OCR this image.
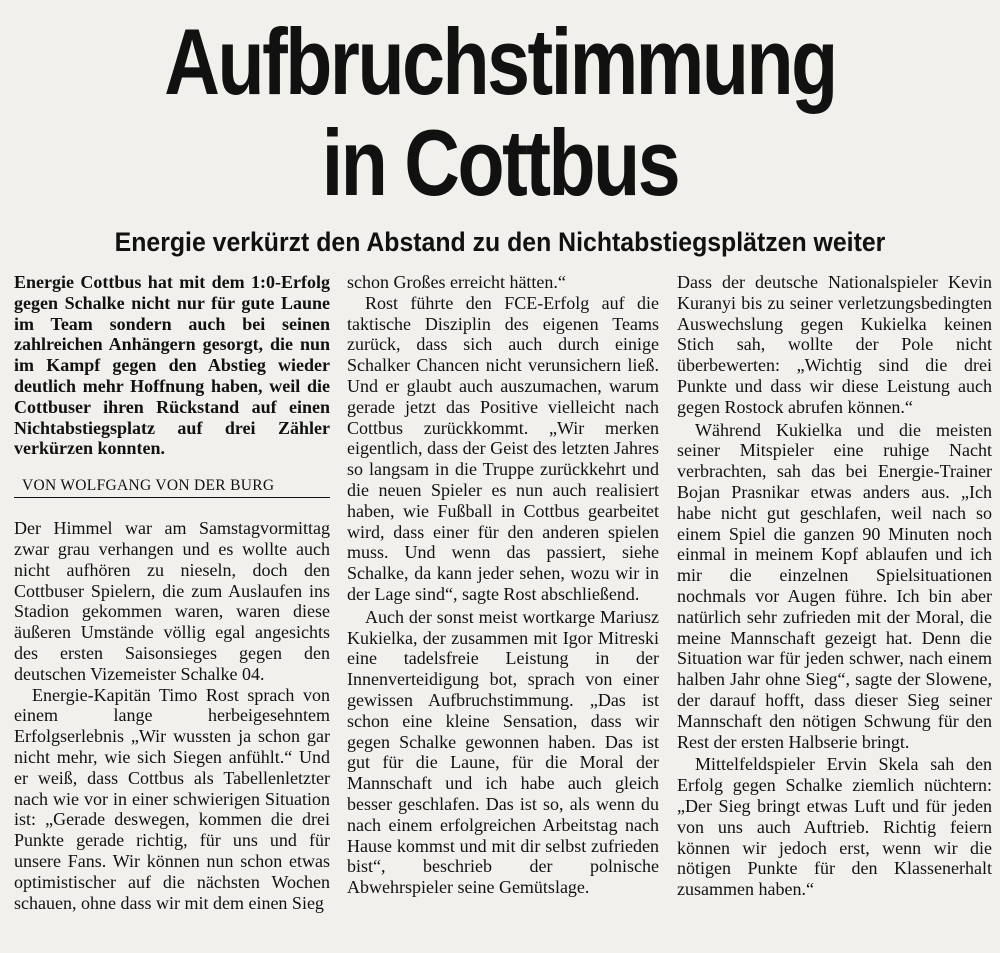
Aufbruchstimmung
in Cottbus
Energie verkürzt den Abstand zu den Nichtabstiegsplätzen weiter

Energie Cottbus hat mit dem 1:0-Erfolg gegen Schalke nicht nur für gute Laune im Team sondern auch bei seinen zahlreichen Anhängern gesorgt, die nun im Kampf gegen den Abstieg wieder deutlich mehr Hoffnung haben, weil die Cottbuser ihren Rückstand auf einen Nichtabstiegsplatz auf drei Zähler verkürzen konnten.

VON WOLFGANG VON DER BURG

Der Himmel war am Samstagvormittag zwar grau verhangen und es wollte auch nicht aufhören zu nieseln, doch den Cottbuser Spielern, die zum Auslaufen ins Stadion gekommen waren, waren diese äußeren Umstände völlig egal angesichts des ersten Saisonsieges gegen den deutschen Vizemeister Schalke 04.

Energie-Kapitän Timo Rost sprach von einem lange herbeigesehntem Erfolgserlebnis „Wir wussten ja schon gar nicht mehr, wie sich Siegen anfühlt.“ Und er weiß, dass Cottbus als Tabellenletzter nach wie vor in einer schwierigen Situation ist: „Gerade deswegen, kommen die drei Punkte gerade richtig, für uns und für unsere Fans. Wir können nun schon etwas optimistischer auf die nächsten Wochen schauen, ohne dass wir mit dem einen Sieg

schon Großes erreicht hätten.“

Rost führte den FCE-Erfolg auf die taktische Disziplin des eigenen Teams zurück, dass sich auch durch einige Schalker Chancen nicht verunsichern ließ. Und er glaubt auch auszumachen, warum gerade jetzt das Positive vielleicht nach Cottbus zurückkommt. „Wir merken eigentlich, dass der Geist des letzten Jahres so langsam in die Truppe zurückkehrt und die neuen Spieler es nun auch realisiert haben, wie Fußball in Cottbus gearbeitet wird, dass einer für den anderen spielen muss. Und wenn das passiert, siehe Schalke, da kann jeder sehen, wozu wir in der Lage sind“, sagte Rost abschließend.

Auch der sonst meist wortkarge Mariusz Kukielka, der zusammen mit Igor Mitreski eine tadelsfreie Leistung in der Innenverteidigung bot, sprach von einer gewissen Aufbruchstimmung. „Das ist schon eine kleine Sensation, dass wir gegen Schalke gewonnen haben. Das ist gut für die Laune, für die Moral der Mannschaft und ich habe auch gleich besser geschlafen. Das ist so, als wenn du nach einem erfolgreichen Arbeitstag nach Hause kommst und mit dir selbst zufrieden bist“, beschrieb der polnische Abwehrspieler seine Gemütslage.

Dass der deutsche Nationalspieler Kevin Kuranyi bis zu seiner verletzungsbedingten Auswechslung gegen Kukielka keinen Stich sah, wollte der Pole nicht überbewerten: „Wichtig sind die drei Punkte und dass wir diese Leistung auch gegen Rostock abrufen können.“

Während Kukielka und die meisten seiner Mitspieler eine ruhige Nacht verbrachten, sah das bei Energie-Trainer Bojan Prasnikar etwas anders aus. „Ich habe nicht gut geschlafen, weil nach so einem Spiel die ganzen 90 Minuten noch einmal in meinem Kopf ablaufen und ich mir die einzelnen Spielsituationen nochmals vor Augen führe. Ich bin aber natürlich sehr zufrieden mit der Moral, die meine Mannschaft gezeigt hat. Denn die Situation war für jeden schwer, nach einem halben Jahr ohne Sieg“, sagte der Slowene, der darauf hofft, dass dieser Sieg seiner Mannschaft den nötigen Schwung für den Rest der ersten Halbserie bringt.

Mittelfeldspieler Ervin Skela sah den Erfolg gegen Schalke ziemlich nüchtern: „Der Sieg bringt etwas Luft und für jeden von uns auch Auftrieb. Richtig feiern können wir jedoch erst, wenn wir die nötigen Punkte für den Klassenerhalt zusammen haben.“
